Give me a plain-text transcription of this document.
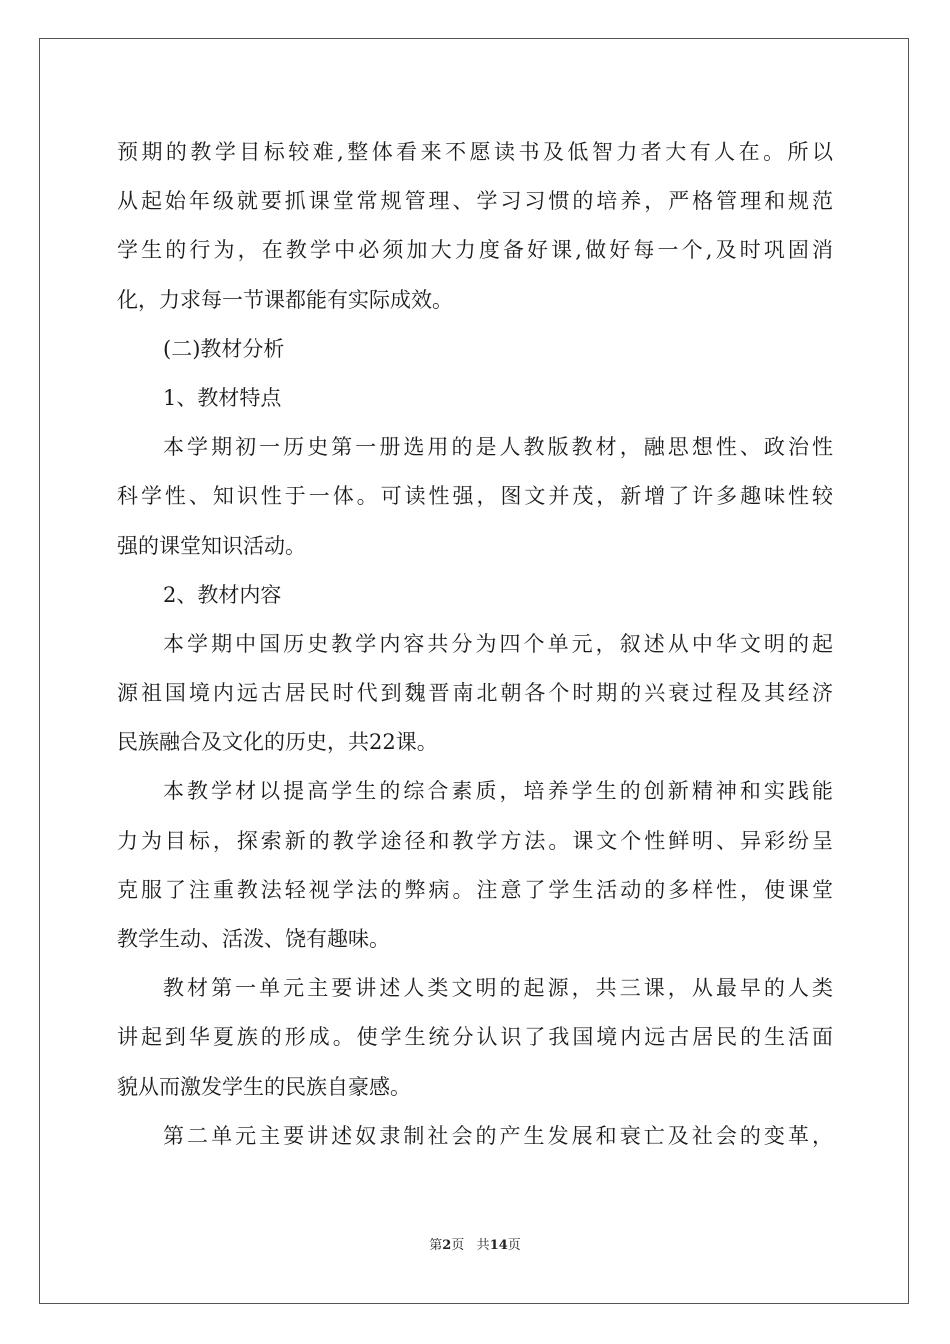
预期的教学目标较难,整体看来不愿读书及低智力者大有人在。所以
从起始年级就要抓课堂常规管理、学习习惯的培养，严格管理和规范
学生的行为，在教学中必须加大力度备好课,做好每一个,及时巩固消
化，力求每一节课都能有实际成效。
(二)教材分析
1、教材特点
本学期初一历史第一册选用的是人教版教材，融思想性、政治性
科学性、知识性于一体。可读性强，图文并茂，新增了许多趣味性较
强的课堂知识活动。
2、教材内容
本学期中国历史教学内容共分为四个单元，叙述从中华文明的起
源祖国境内远古居民时代到魏晋南北朝各个时期的兴衰过程及其经济
民族融合及文化的历史，共22课。
本教学材以提高学生的综合素质，培养学生的创新精神和实践能
力为目标，探索新的教学途径和教学方法。课文个性鲜明、异彩纷呈
克服了注重教法轻视学法的弊病。注意了学生活动的多样性，使课堂
教学生动、活泼、饶有趣味。
教材第一单元主要讲述人类文明的起源，共三课，从最早的人类
讲起到华夏族的形成。使学生统分认识了我国境内远古居民的生活面
貌从而激发学生的民族自豪感。
第二单元主要讲述奴隶制社会的产生发展和衰亡及社会的变革，
第2页 共14页
